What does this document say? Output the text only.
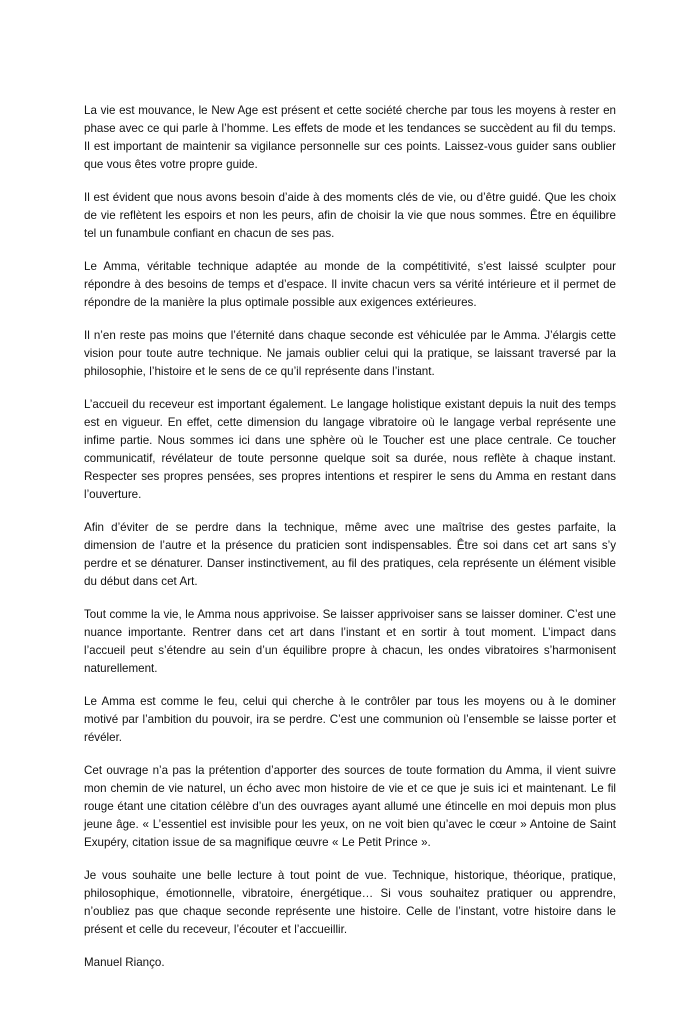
La vie est mouvance, le New Age est présent et cette société cherche par tous les moyens à rester en phase avec ce qui parle à l’homme. Les effets de mode et les tendances se succèdent au fil du temps. Il est important de maintenir sa vigilance personnelle sur ces points. Laissez-vous guider sans oublier que vous êtes votre propre guide.

Il est évident que nous avons besoin d’aide à des moments clés de vie, ou d’être guidé. Que les choix de vie reflètent les espoirs et non les peurs, afin de choisir la vie que nous sommes. Être en équilibre tel un funambule confiant en chacun de ses pas.

Le Amma, véritable technique adaptée au monde de la compétitivité, s’est laissé sculpter pour répondre à des besoins de temps et d’espace. Il invite chacun vers sa vérité intérieure et il permet de répondre de la manière la plus optimale possible aux exigences extérieures.

Il n’en reste pas moins que l’éternité dans chaque seconde est véhiculée par le Amma. J’élargis cette vision pour toute autre technique. Ne jamais oublier celui qui la pratique, se laissant traversé par la philosophie, l’histoire et le sens de ce qu’il représente dans l’instant.

L’accueil du receveur est important également. Le langage holistique existant depuis la nuit des temps est en vigueur. En effet, cette dimension du langage vibratoire où le langage verbal représente une infime partie. Nous sommes ici dans une sphère où le Toucher est une place centrale. Ce toucher communicatif, révélateur de toute personne quelque soit sa durée, nous reflète à chaque instant. Respecter ses propres pensées, ses propres intentions et respirer le sens du Amma en restant dans l’ouverture.

Afin d’éviter de se perdre dans la technique, même avec une maîtrise des gestes parfaite, la dimension de l’autre et la présence du praticien sont indispensables. Être soi dans cet art sans s’y perdre et se dénaturer. Danser instinctivement, au fil des pratiques, cela représente un élément visible du début dans cet Art.

Tout comme la vie, le Amma nous apprivoise. Se laisser apprivoiser sans se laisser dominer. C’est une nuance importante. Rentrer dans cet art dans l’instant et en sortir à tout moment. L’impact dans l’accueil peut s’étendre au sein d’un équilibre propre à chacun, les ondes vibratoires s’harmonisent naturellement.

Le Amma est comme le feu, celui qui cherche à le contrôler par tous les moyens ou à le dominer motivé par l’ambition du pouvoir, ira se perdre. C’est une communion où l’ensemble se laisse porter et révéler.

Cet ouvrage n’a pas la prétention d’apporter des sources de toute formation du Amma, il vient suivre mon chemin de vie naturel, un écho avec mon histoire de vie et ce que je suis ici et maintenant. Le fil rouge étant une citation célèbre d’un des ouvrages ayant allumé une étincelle en moi depuis mon plus jeune âge. « L’essentiel est invisible pour les yeux, on ne voit bien qu’avec le cœur » Antoine de Saint Exupéry, citation issue de sa magnifique œuvre « Le Petit Prince ».

Je vous souhaite une belle lecture à tout point de vue. Technique, historique, théorique, pratique, philosophique, émotionnelle, vibratoire, énergétique… Si vous souhaitez pratiquer ou apprendre, n’oubliez pas que chaque seconde représente une histoire. Celle de l’instant, votre histoire dans le présent et celle du receveur, l’écouter et l’accueillir.

Manuel Rianço.
